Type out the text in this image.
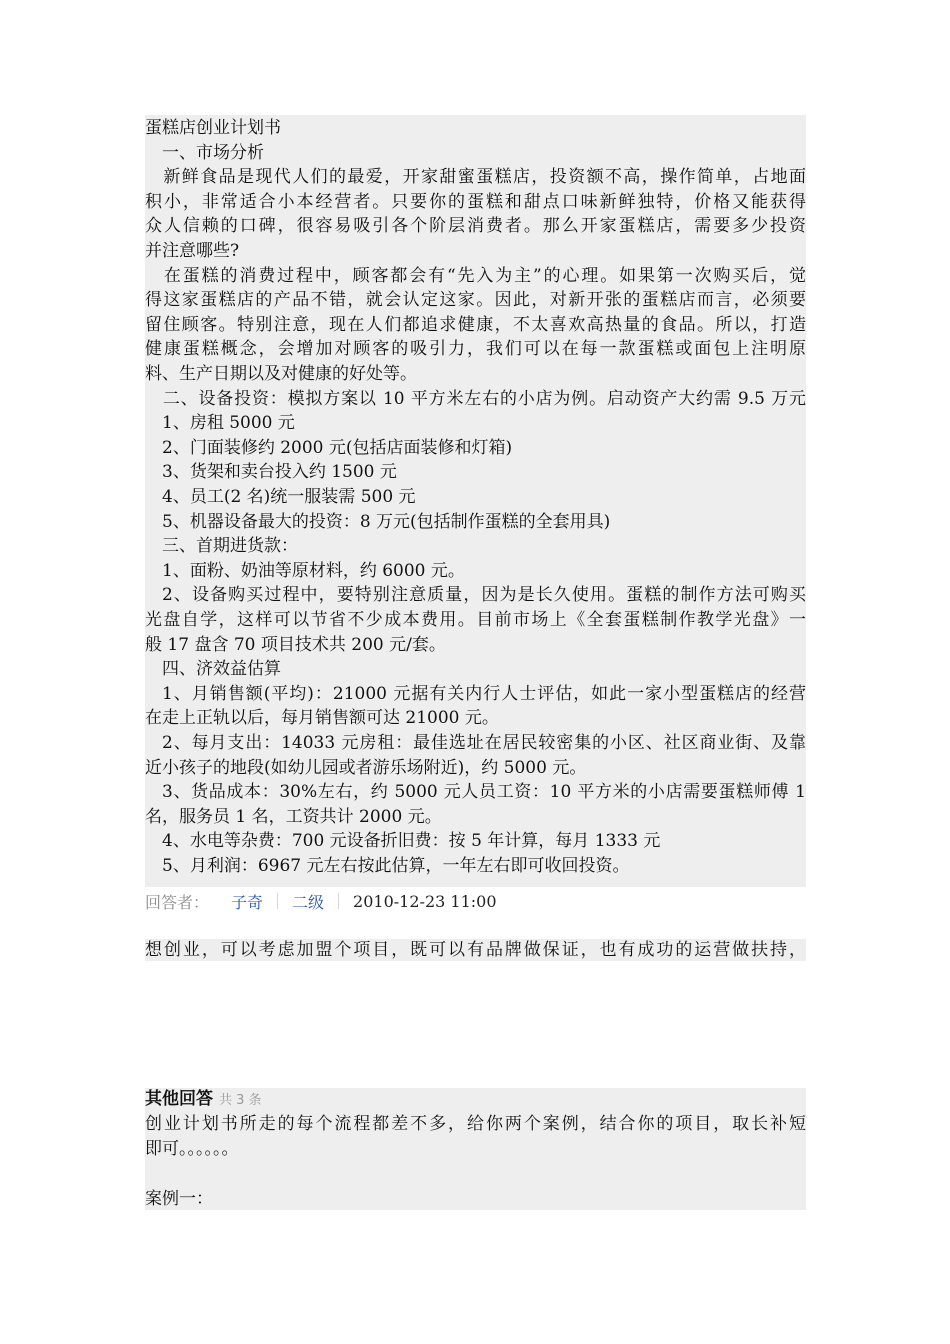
蛋糕店创业计划书
 一、市场分析
 新鲜食品是现代人们的最爱，开家甜蜜蛋糕店，投资额不高，操作简单，占地面
积小，非常适合小本经营者。只要你的蛋糕和甜点口味新鲜独特，价格又能获得
众人信赖的口碑，很容易吸引各个阶层消费者。那么开家蛋糕店，需要多少投资
并注意哪些?
 在蛋糕的消费过程中，顾客都会有“先入为主”的心理。如果第一次购买后，觉
得这家蛋糕店的产品不错，就会认定这家。因此，对新开张的蛋糕店而言，必须要
留住顾客。特别注意，现在人们都追求健康，不太喜欢高热量的食品。所以，打造
健康蛋糕概念，会增加对顾客的吸引力，我们可以在每一款蛋糕或面包上注明原
料、生产日期以及对健康的好处等。
 二、设备投资：模拟方案以 10 平方米左右的小店为例。启动资产大约需 9.5 万元
 1、房租 5000 元
 2、门面装修约 2000 元(包括店面装修和灯箱)
 3、货架和卖台投入约 1500 元
 4、员工(2 名)统一服装需 500 元
 5、机器设备最大的投资：8 万元(包括制作蛋糕的全套用具)
 三、首期进货款：
 1、面粉、奶油等原材料，约 6000 元。
 2、设备购买过程中，要特别注意质量，因为是长久使用。蛋糕的制作方法可购买
光盘自学，这样可以节省不少成本费用。目前市场上《全套蛋糕制作教学光盘》一
般 17 盘含 70 项目技术共 200 元/套。
 四、济效益估算
 1、月销售额(平均)：21000 元据有关内行人士评估，如此一家小型蛋糕店的经营
在走上正轨以后，每月销售额可达 21000 元。
 2、每月支出：14033 元房租：最佳选址在居民较密集的小区、社区商业街、及靠
近小孩子的地段(如幼儿园或者游乐场附近)，约 5000 元。
 3、货品成本：30%左右，约 5000 元人员工资：10 平方米的小店需要蛋糕师傅 1
名，服务员 1 名，工资共计 2000 元。
 4、水电等杂费：700 元设备折旧费：按 5 年计算，每月 1333 元
 5、月利润：6967 元左右按此估算，一年左右即可收回投资。
回答者： 子奇 二级 2010-12-23 11:00
想创业，可以考虑加盟个项目，既可以有品牌做保证，也有成功的运营做扶持，
其他回答 共 3 条
创业计划书所走的每个流程都差不多，给你两个案例，结合你的项目，取长补短
即可。。。。。。
案例一：
